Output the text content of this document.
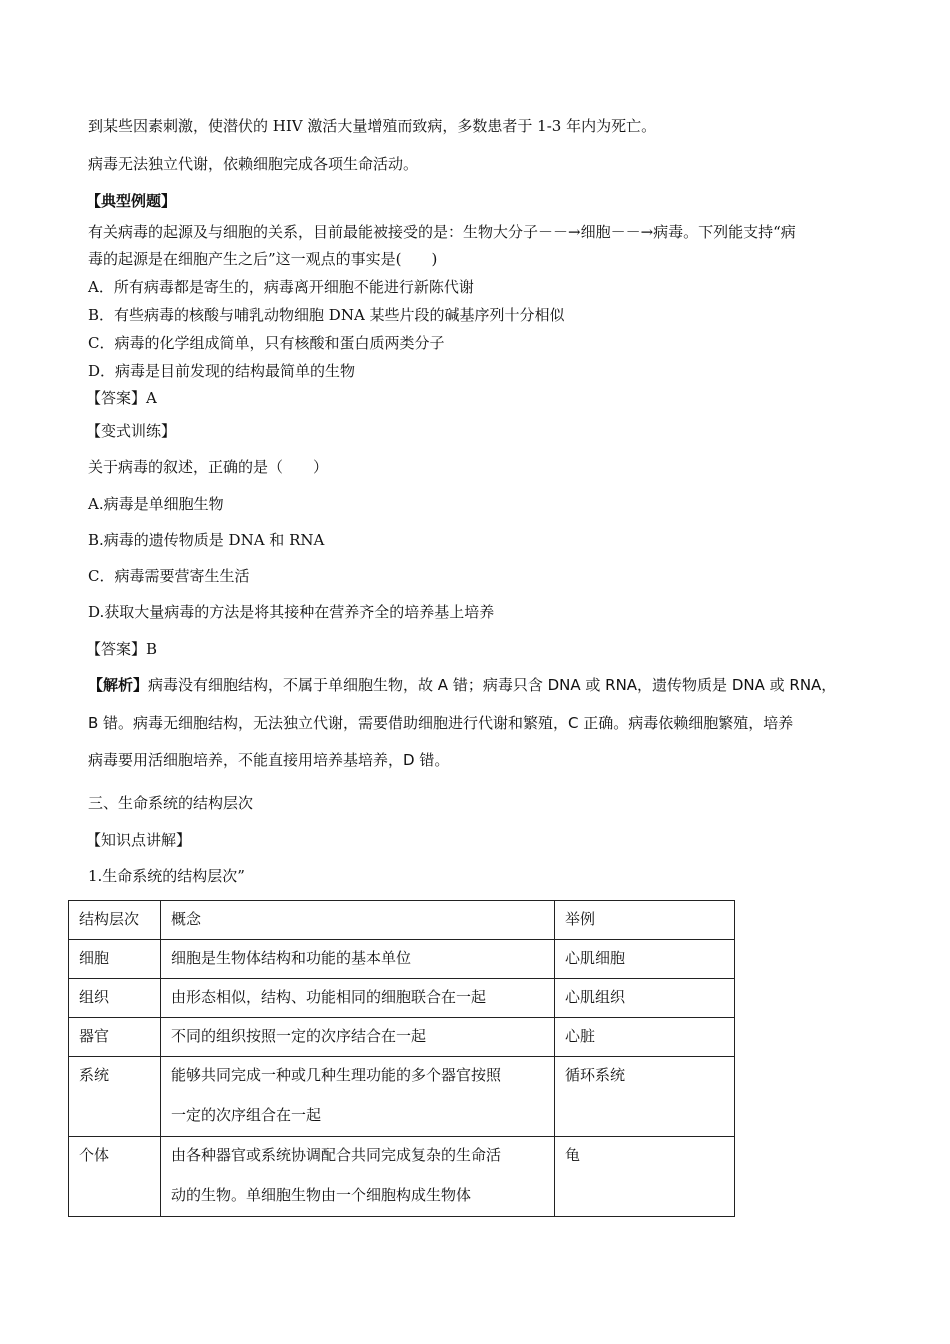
到某些因素刺激，使潜伏的 HIV 激活大量增殖而致病，多数患者于 1-3 年内为死亡。
病毒无法独立代谢，依赖细胞完成各项生命活动。
【典型例题】
有关病毒的起源及与细胞的关系，目前最能被接受的是：生物大分子－－→细胞－－→病毒。下列能支持“病
毒的起源是在细胞产生之后”这一观点的事实是(　　)
A．所有病毒都是寄生的，病毒离开细胞不能进行新陈代谢
B．有些病毒的核酸与哺乳动物细胞 DNA 某些片段的碱基序列十分相似
C．病毒的化学组成简单，只有核酸和蛋白质两类分子
D．病毒是目前发现的结构最简单的生物
【答案】A
【变式训练】
关于病毒的叙述，正确的是（　　）
A.病毒是单细胞生物
B.病毒的遗传物质是 DNA 和 RNA
C．病毒需要营寄生生活
D.获取大量病毒的方法是将其接种在营养齐全的培养基上培养
【答案】B
【解析】病毒没有细胞结构，不属于单细胞生物，故 A 错；病毒只含 DNA 或 RNA，遗传物质是 DNA 或 RNA，
B 错。病毒无细胞结构，无法独立代谢，需要借助细胞进行代谢和繁殖，C 正确。病毒依赖细胞繁殖，培养
病毒要用活细胞培养，不能直接用培养基培养，D 错。
三、生命系统的结构层次
【知识点讲解】
1.生命系统的结构层次”
结构层次	概念	举例
细胞	细胞是生物体结构和功能的基本单位	心肌细胞
组织	由形态相似，结构、功能相同的细胞联合在一起	心肌组织
器官	不同的组织按照一定的次序结合在一起	心脏
系统	能够共同完成一种或几种生理功能的多个器官按照
一定的次序组合在一起	循环系统
个体	由各种器官或系统协调配合共同完成复杂的生命活
动的生物。单细胞生物由一个细胞构成生物体	龟
